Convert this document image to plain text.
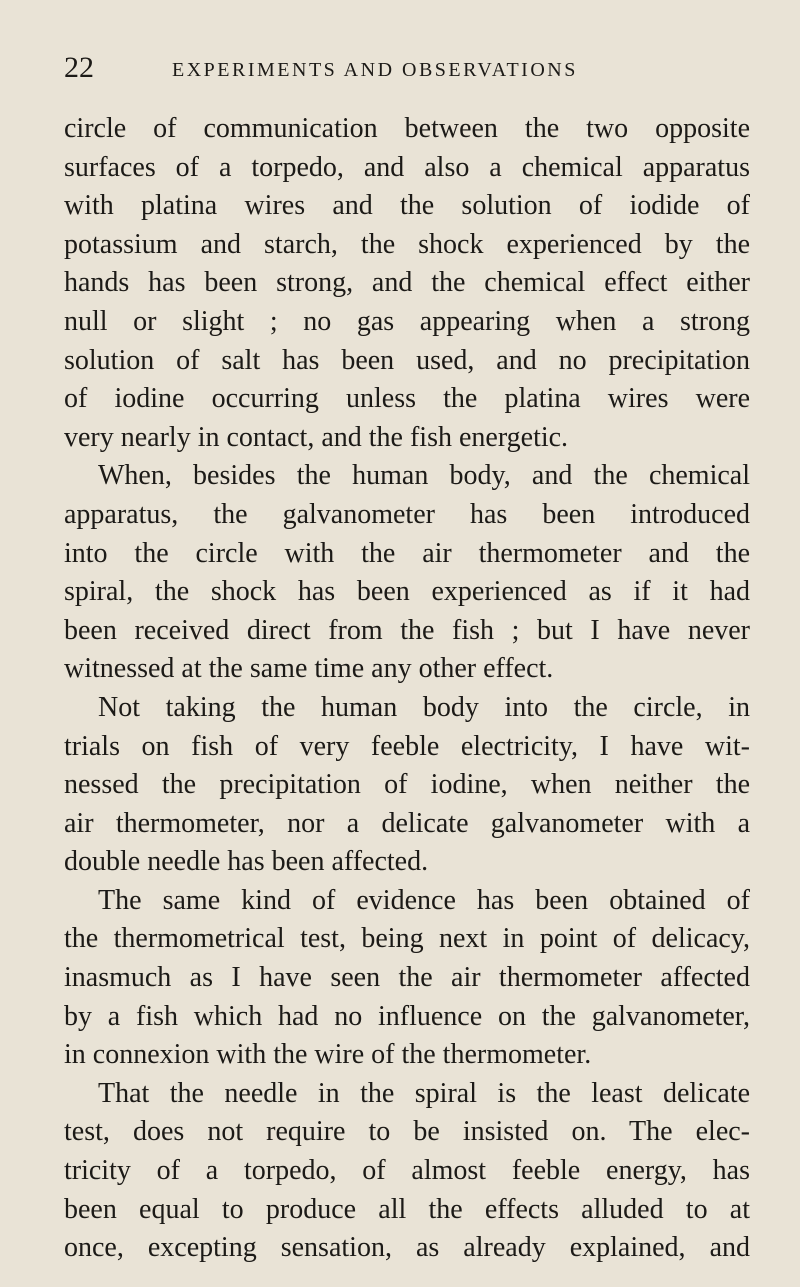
22	EXPERIMENTS AND OBSERVATIONS
circle of communication between the two opposite
surfaces of a torpedo, and also a chemical apparatus
with platina wires and the solution of iodide of
potassium and starch, the shock experienced by the
hands has been strong, and the chemical effect either
null or slight ; no gas appearing when a strong
solution of salt has been used, and no precipitation
of iodine occurring unless the platina wires were
very nearly in contact, and the fish energetic.
When, besides the human body, and the chemical
apparatus, the galvanometer has been introduced
into the circle with the air thermometer and the
spiral, the shock has been experienced as if it had
been received direct from the fish ; but I have never
witnessed at the same time any other effect.
Not taking the human body into the circle, in
trials on fish of very feeble electricity, I have wit-
nessed the precipitation of iodine, when neither the
air thermometer, nor a delicate galvanometer with a
double needle has been affected.
The same kind of evidence has been obtained of
the thermometrical test, being next in point of delicacy,
inasmuch as I have seen the air thermometer affected
by a fish which had no influence on the galvanometer,
in connexion with the wire of the thermometer.
That the needle in the spiral is the least delicate
test, does not require to be insisted on. The elec-
tricity of a torpedo, of almost feeble energy, has
been equal to produce all the effects alluded to at
once, excepting sensation, as already explained, and
